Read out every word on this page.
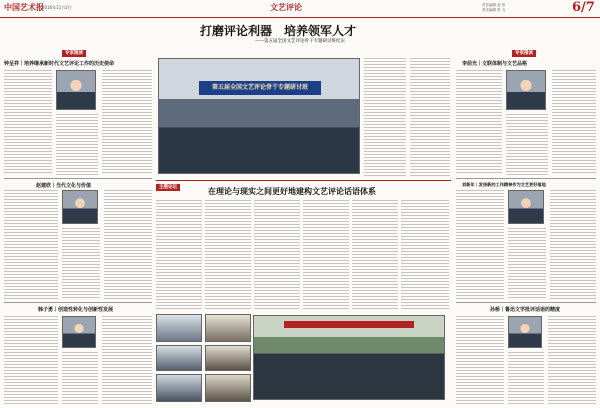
中国艺术报
2016年11月2日	文艺评论	责任编辑 赵 荣
美术编辑 张 飞	6/7
打磨评论利器　培养领军人才
——第五届全国文艺评论骨干专题研讨班纪实
专家围读
钟呈祥｜培养继承新时代文艺评论工作的历史使命
赵建欣｜当代文化与价值
韩子勇｜创造性转化与创新性发展
第五届全国文艺评论骨干专题研讨班
主题论坛	在理论与现实之间更好地建构文艺评论话语体系
专家围读
李前光｜文联体制与文艺品格
刘新年｜发扬新的工作精神作为文艺更好落地
孙桥｜鲁迅文学批评话语的精度
